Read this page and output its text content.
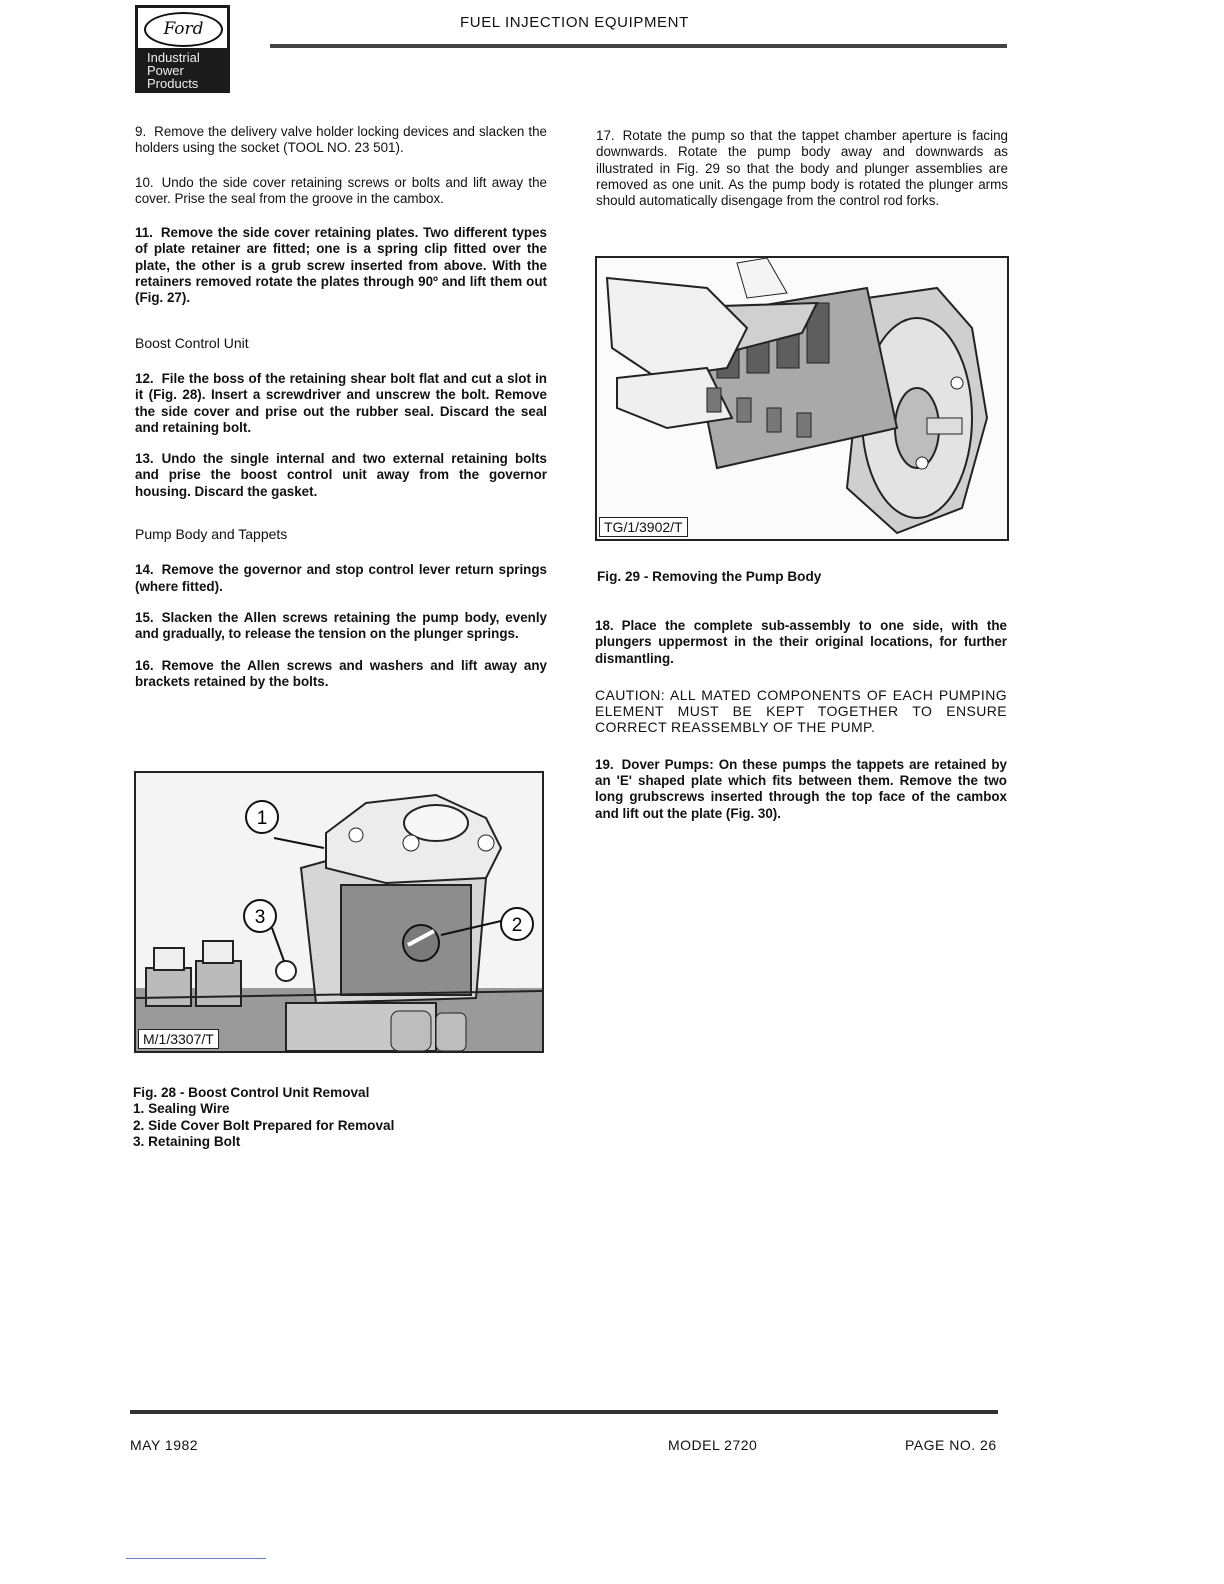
Ford
Industrial
Power
Products
FUEL INJECTION EQUIPMENT

9. Remove the delivery valve holder locking devices and slacken the holders using the socket (TOOL NO. 23 501).

10. Undo the side cover retaining screws or bolts and lift away the cover. Prise the seal from the groove in the cambox.

11. Remove the side cover retaining plates. Two different types of plate retainer are fitted; one is a spring clip fitted over the plate, the other is a grub screw inserted from above. With the retainers removed rotate the plates through 90º and lift them out (Fig. 27).

Boost Control Unit

12. File the boss of the retaining shear bolt flat and cut a slot in it (Fig. 28). Insert a screwdriver and unscrew the bolt. Remove the side cover and prise out the rubber seal. Discard the seal and retaining bolt.

13. Undo the single internal and two external retaining bolts and prise the boost control unit away from the governor housing. Discard the gasket.

Pump Body and Tappets

14. Remove the governor and stop control lever return springs (where fitted).

15. Slacken the Allen screws retaining the pump body, evenly and gradually, to release the tension on the plunger springs.

16. Remove the Allen screws and washers and lift away any brackets retained by the bolts.

1
2
3
M/1/3307/T
Fig. 28 - Boost Control Unit Removal
1. Sealing Wire
2. Side Cover Bolt Prepared for Removal
3. Retaining Bolt

17. Rotate the pump so that the tappet chamber aperture is facing downwards. Rotate the pump body away and downwards as illustrated in Fig. 29 so that the body and plunger assemblies are removed as one unit. As the pump body is rotated the plunger arms should automatically disengage from the control rod forks.

TG/1/3902/T
Fig. 29 - Removing the Pump Body

18. Place the complete sub-assembly to one side, with the plungers uppermost in the their original locations, for further dismantling.

CAUTION: ALL MATED COMPONENTS OF EACH PUMPING ELEMENT MUST BE KEPT TOGETHER TO ENSURE CORRECT REASSEMBLY OF THE PUMP.

19. Dover Pumps: On these pumps the tappets are retained by an 'E' shaped plate which fits between them. Remove the two long grubscrews inserted through the top face of the cambox and lift out the plate (Fig. 30).

MAY 1982	MODEL 2720	PAGE NO. 26
